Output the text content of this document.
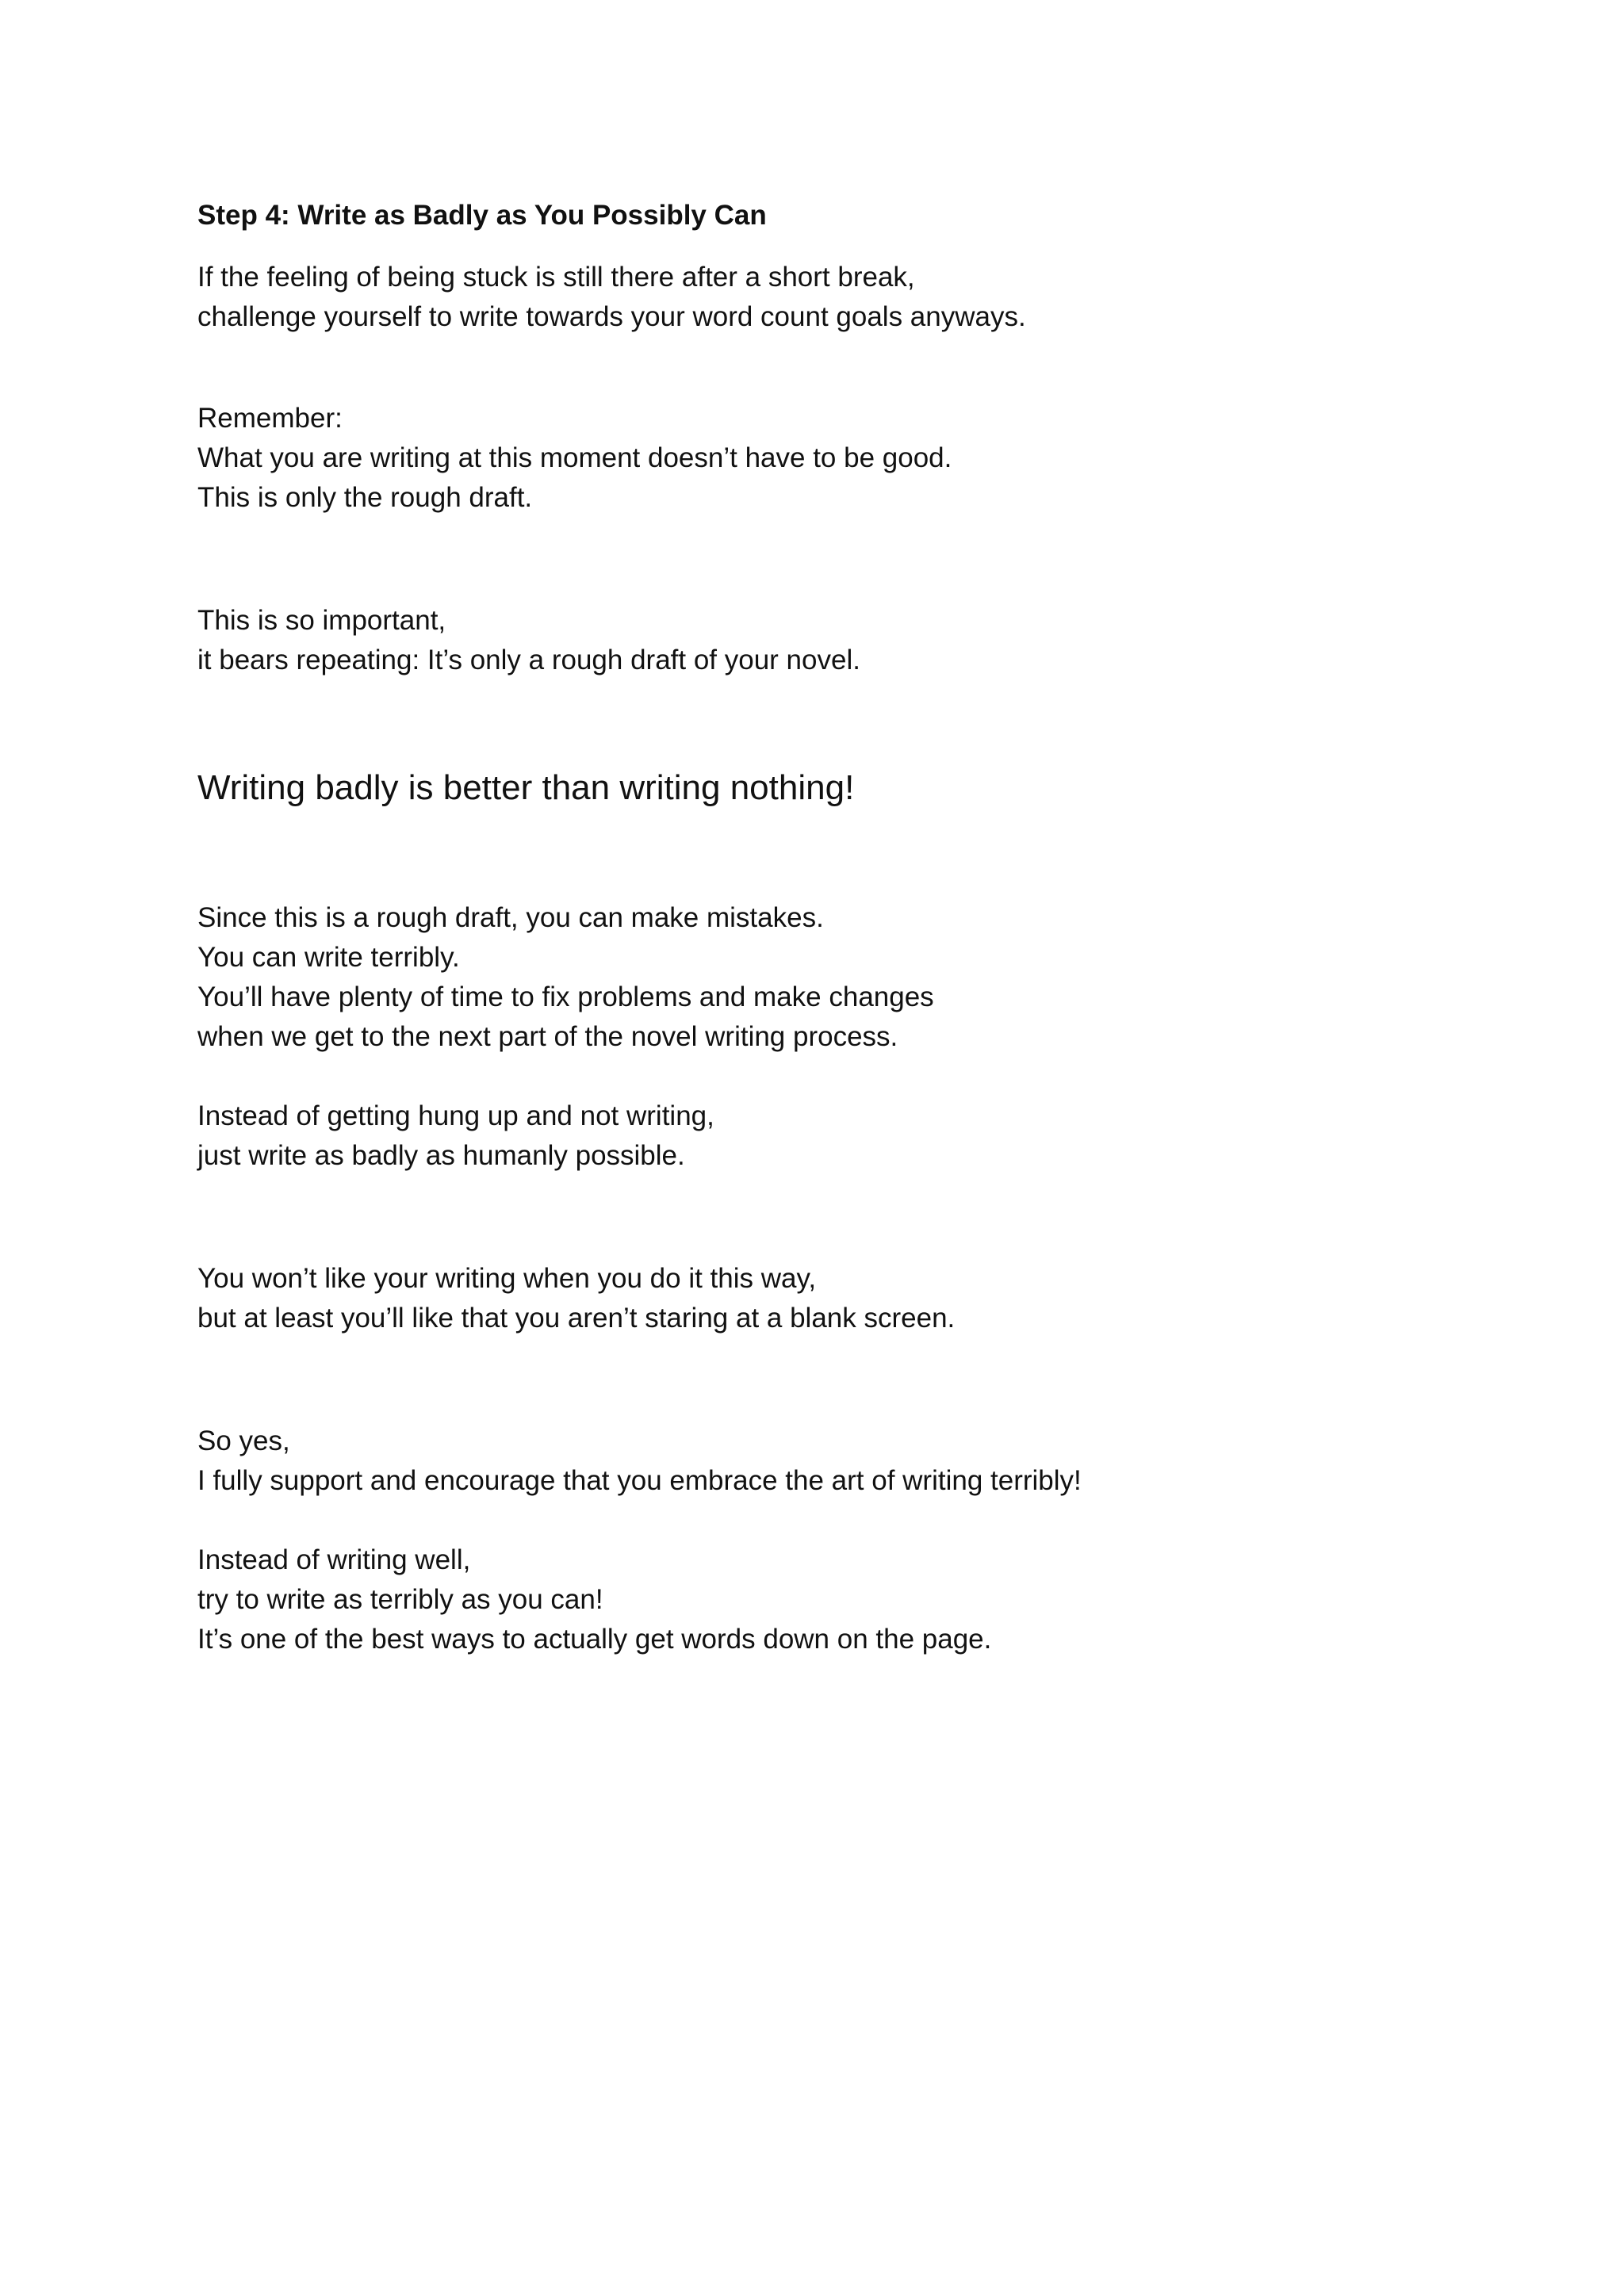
Step 4: Write as Badly as You Possibly Can
If the feeling of being stuck is still there after a short break,
challenge yourself to write towards your word count goals anyways.
Remember:
What you are writing at this moment doesn’t have to be good.
This is only the rough draft.
This is so important,
it bears repeating: It’s only a rough draft of your novel.
Writing badly is better than writing nothing!
Since this is a rough draft, you can make mistakes.
You can write terribly.
You’ll have plenty of time to fix problems and make changes
when we get to the next part of the novel writing process.
Instead of getting hung up and not writing,
just write as badly as humanly possible.
You won’t like your writing when you do it this way,
but at least you’ll like that you aren’t staring at a blank screen.
So yes,
I fully support and encourage that you embrace the art of writing terribly!
Instead of writing well,
try to write as terribly as you can!
It’s one of the best ways to actually get words down on the page.
